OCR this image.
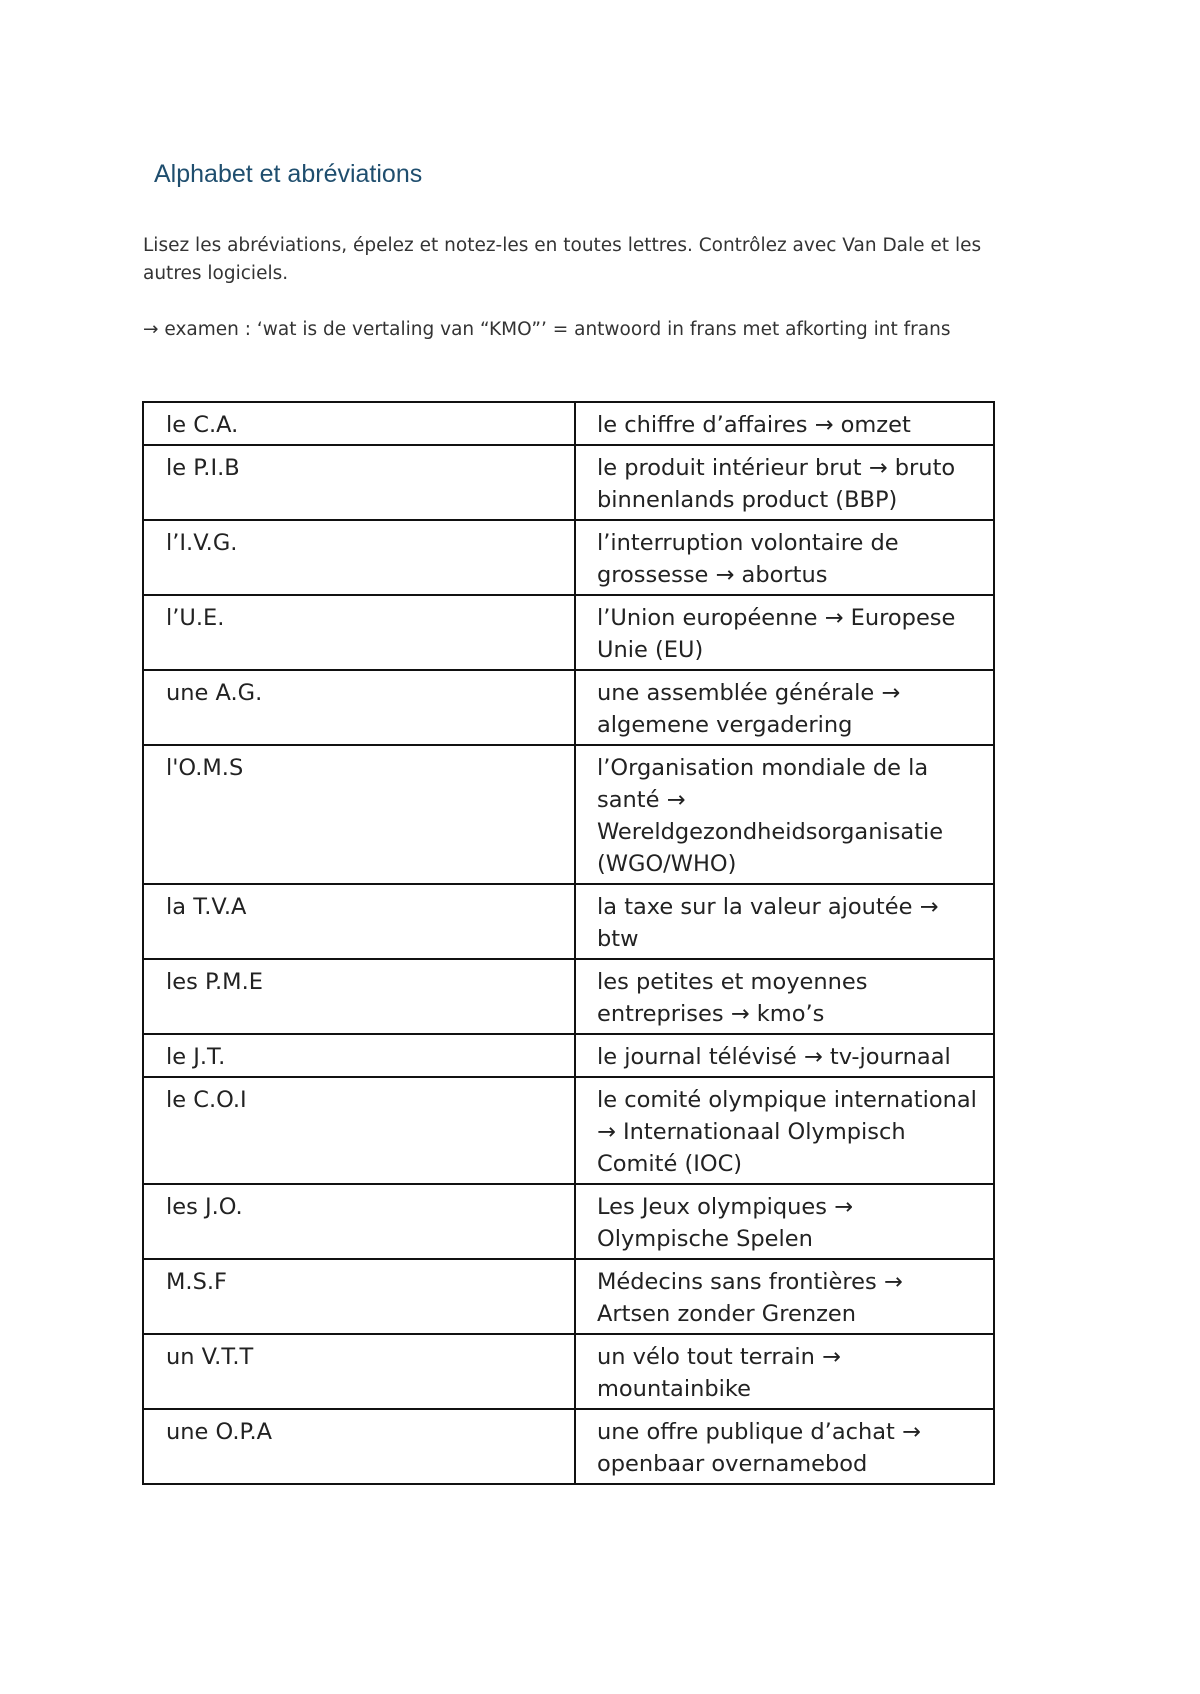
Alphabet et abréviations

Lisez les abréviations, épelez et notez-les en toutes lettres. Contrôlez avec Van Dale et les autres logiciels.

→ examen : ‘wat is de vertaling van “KMO”’ = antwoord in frans met afkorting int frans

le C.A.	le chiffre d’affaires → omzet
le P.I.B	le produit intérieur brut → bruto binnenlands product (BBP)
l’I.V.G.	l’interruption volontaire de grossesse → abortus
l’U.E.	l’Union européenne → Europese Unie (EU)
une A.G.	une assemblée générale → algemene vergadering
l'O.M.S	l’Organisation mondiale de la santé → Wereldgezondheidsorganisatie (WGO/WHO)
la T.V.A	la taxe sur la valeur ajoutée → btw
les P.M.E	les petites et moyennes entreprises → kmo’s
le J.T.	le journal télévisé → tv-journaal
le C.O.I	le comité olympique international → Internationaal Olympisch Comité (IOC)
les J.O.	Les Jeux olympiques → Olympische Spelen
M.S.F	Médecins sans frontières → Artsen zonder Grenzen
un V.T.T	un vélo tout terrain → mountainbike
une O.P.A	une offre publique d’achat → openbaar overnamebod
